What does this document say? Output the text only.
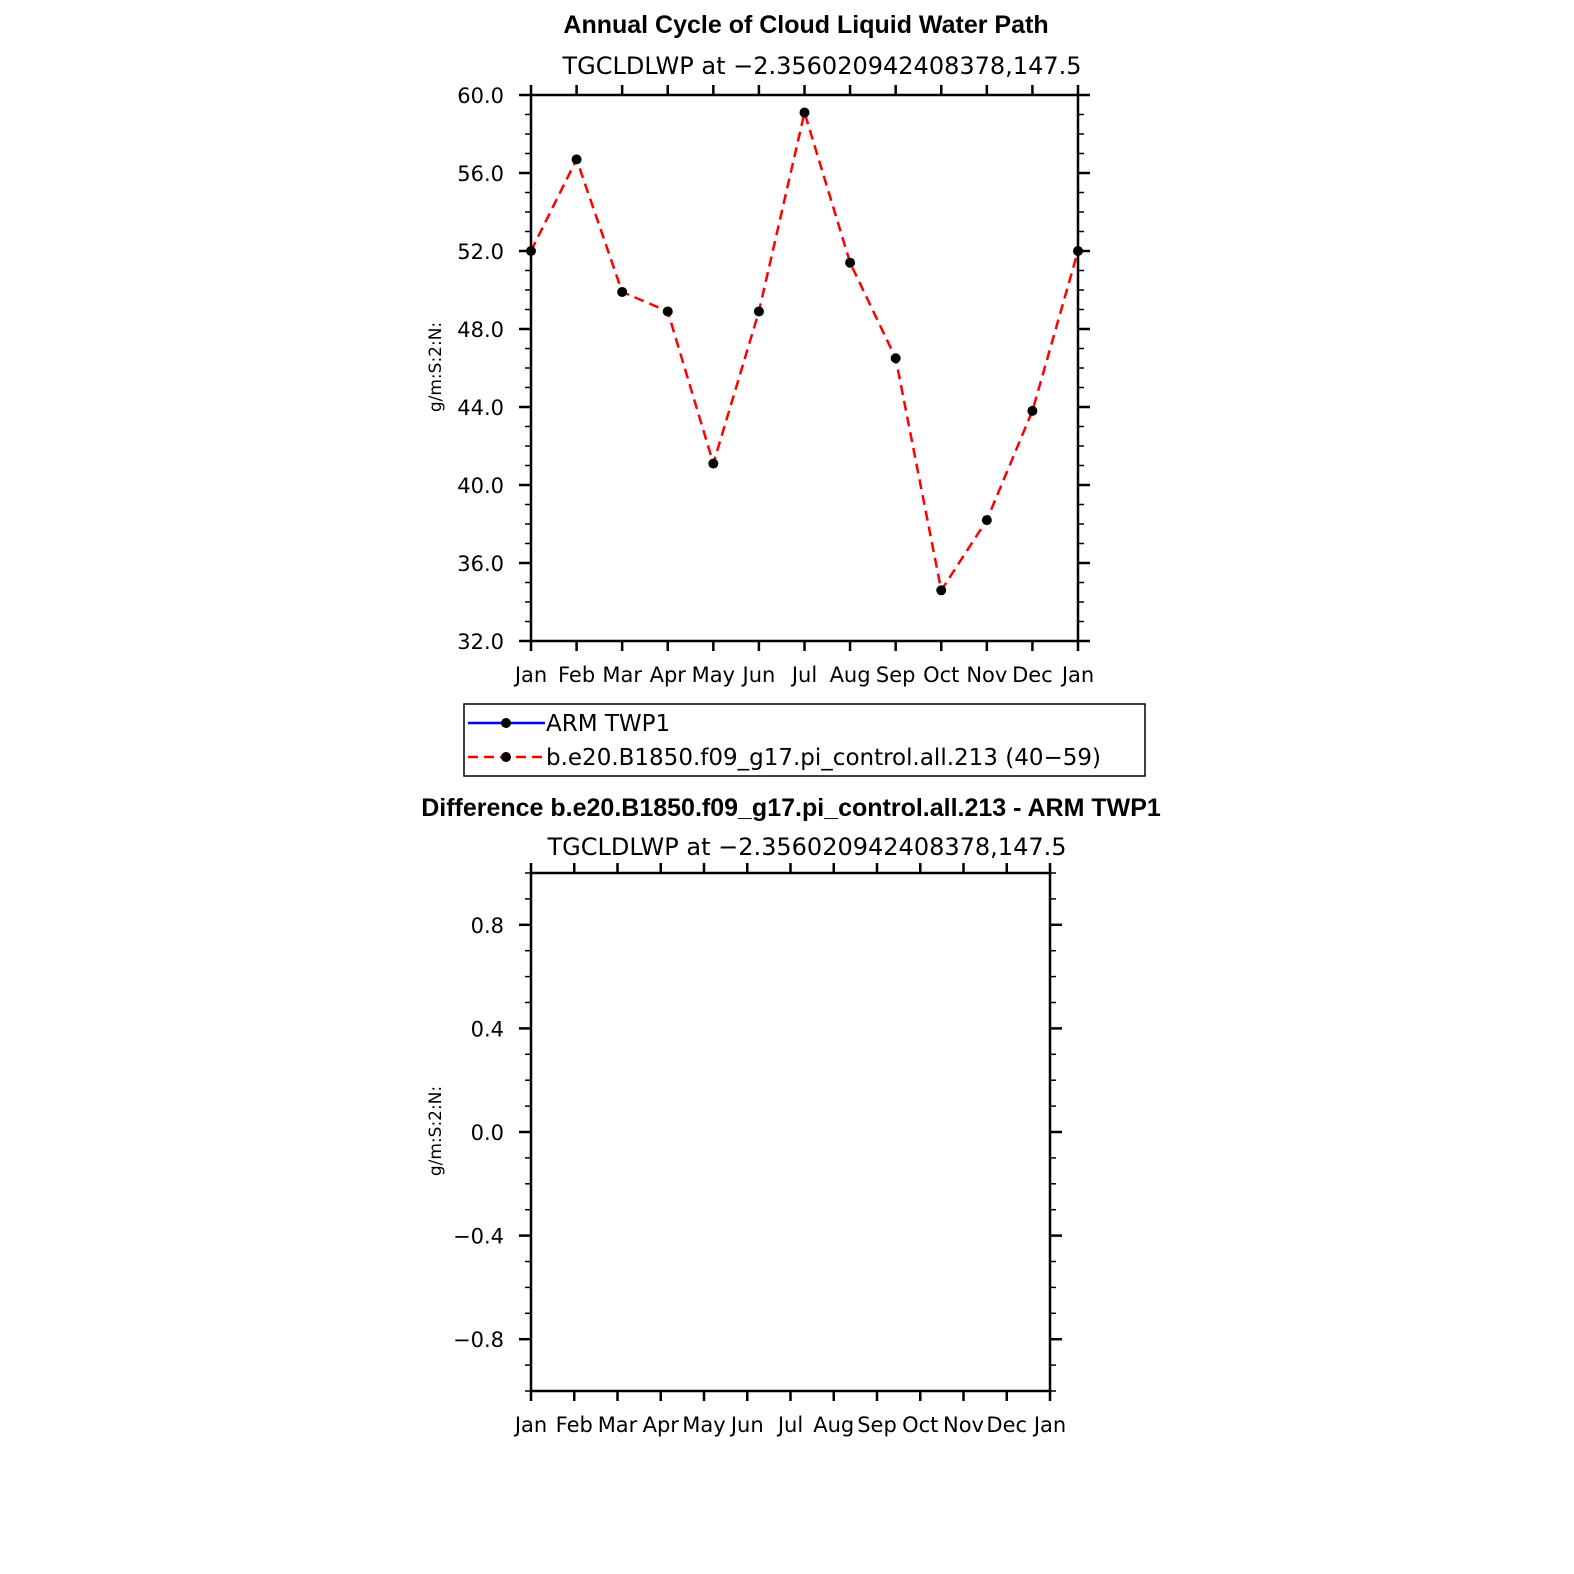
Annual Cycle of Cloud Liquid Water Path
TGCLDLWP at −2.356020942408378,147.5
Jan Feb Mar Apr May Jun Jul Aug Sep Oct Nov Dec Jan
60.0
56.0
52.0
48.0
44.0
40.0
36.0
32.0
g/m:S:2:N:
ARM TWP1
b.e20.B1850.f09_g17.pi_control.all.213 (40−59)
Difference b.e20.B1850.f09_g17.pi_control.all.213 - ARM TWP1
TGCLDLWP at −2.356020942408378,147.5
Jan Feb Mar Apr May Jun Jul Aug Sep Oct Nov Dec Jan
0.8
0.4
0.0
−0.4
−0.8
g/m:S:2:N:
